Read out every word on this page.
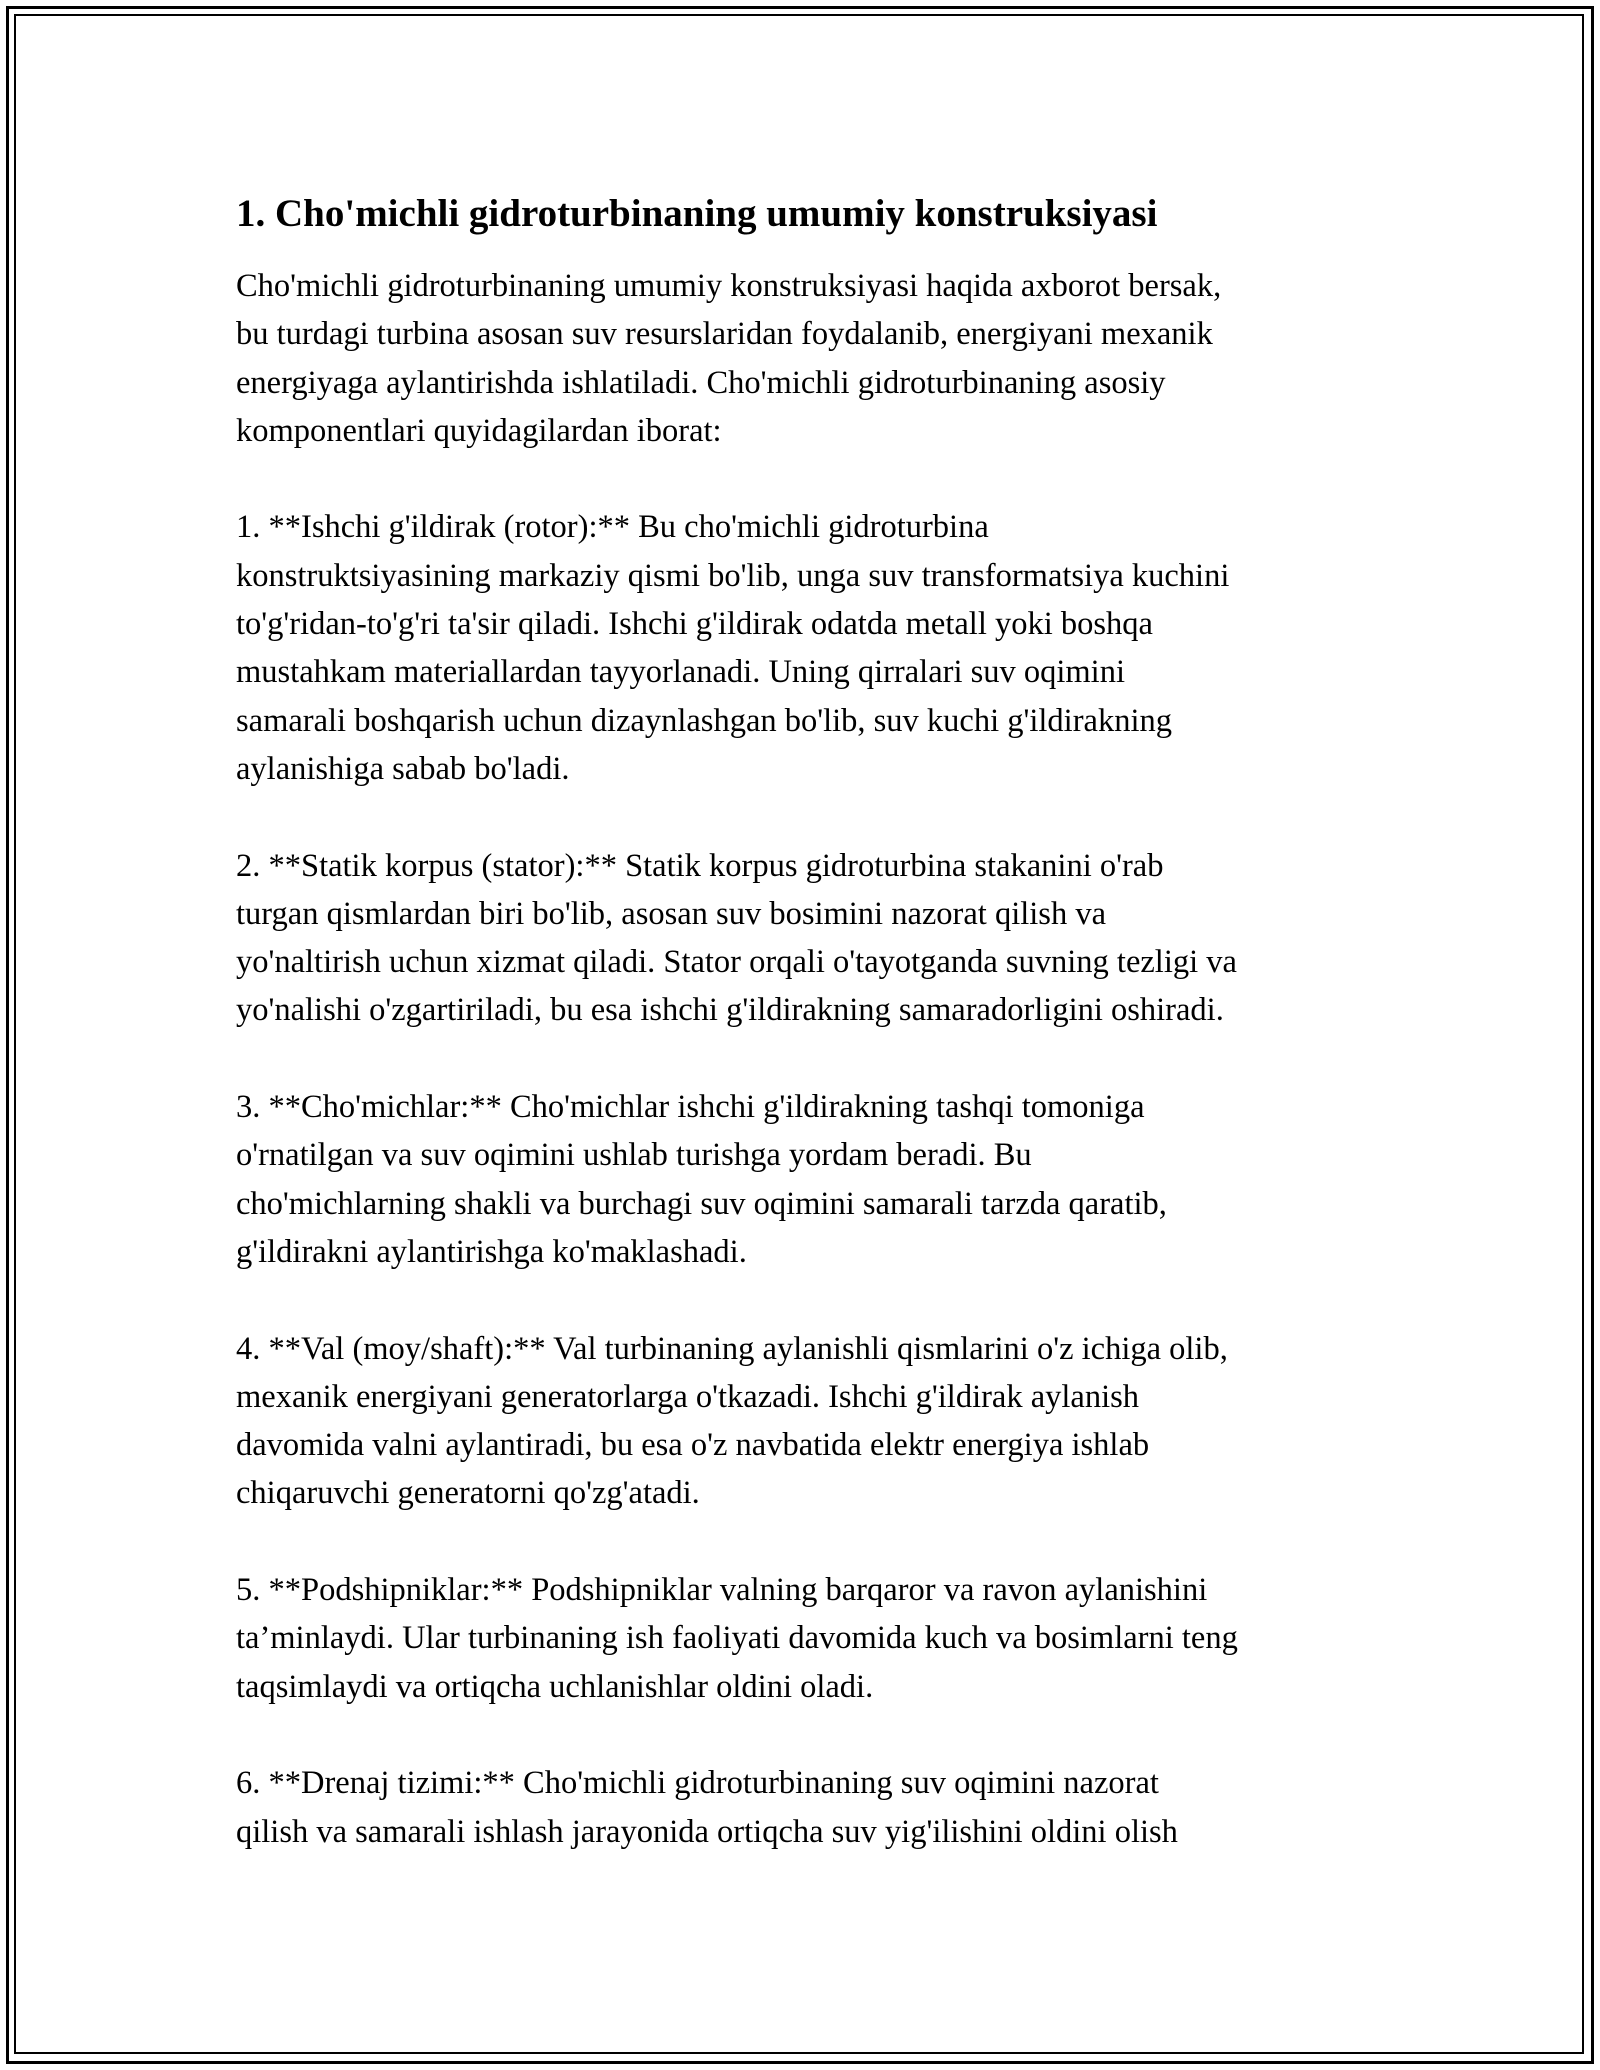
1. Cho'michli gidroturbinaning umumiy konstruksiyasi

Cho'michli gidroturbinaning umumiy konstruksiyasi haqida axborot bersak,
bu turdagi turbina asosan suv resurslaridan foydalanib, energiyani mexanik
energiyaga aylantirishda ishlatiladi. Cho'michli gidroturbinaning asosiy
komponentlari quyidagilardan iborat:

1. **Ishchi g'ildirak (rotor):** Bu cho'michli gidroturbina
konstruktsiyasining markaziy qismi bo'lib, unga suv transformatsiya kuchini
to'g'ridan-to'g'ri ta'sir qiladi. Ishchi g'ildirak odatda metall yoki boshqa
mustahkam materiallardan tayyorlanadi. Uning qirralari suv oqimini
samarali boshqarish uchun dizaynlashgan bo'lib, suv kuchi g'ildirakning
aylanishiga sabab bo'ladi.

2. **Statik korpus (stator):** Statik korpus gidroturbina stakanini o'rab
turgan qismlardan biri bo'lib, asosan suv bosimini nazorat qilish va
yo'naltirish uchun xizmat qiladi. Stator orqali o'tayotganda suvning tezligi va
yo'nalishi o'zgartiriladi, bu esa ishchi g'ildirakning samaradorligini oshiradi.

3. **Cho'michlar:** Cho'michlar ishchi g'ildirakning tashqi tomoniga
o'rnatilgan va suv oqimini ushlab turishga yordam beradi. Bu
cho'michlarning shakli va burchagi suv oqimini samarali tarzda qaratib,
g'ildirakni aylantirishga ko'maklashadi.

4. **Val (moy/shaft):** Val turbinaning aylanishli qismlarini o'z ichiga olib,
mexanik energiyani generatorlarga o'tkazadi. Ishchi g'ildirak aylanish
davomida valni aylantiradi, bu esa o'z navbatida elektr energiya ishlab
chiqaruvchi generatorni qo'zg'atadi.

5. **Podshipniklar:** Podshipniklar valning barqaror va ravon aylanishini
ta’minlaydi. Ular turbinaning ish faoliyati davomida kuch va bosimlarni teng
taqsimlaydi va ortiqcha uchlanishlar oldini oladi.

6. **Drenaj tizimi:** Cho'michli gidroturbinaning suv oqimini nazorat
qilish va samarali ishlash jarayonida ortiqcha suv yig'ilishini oldini olish
